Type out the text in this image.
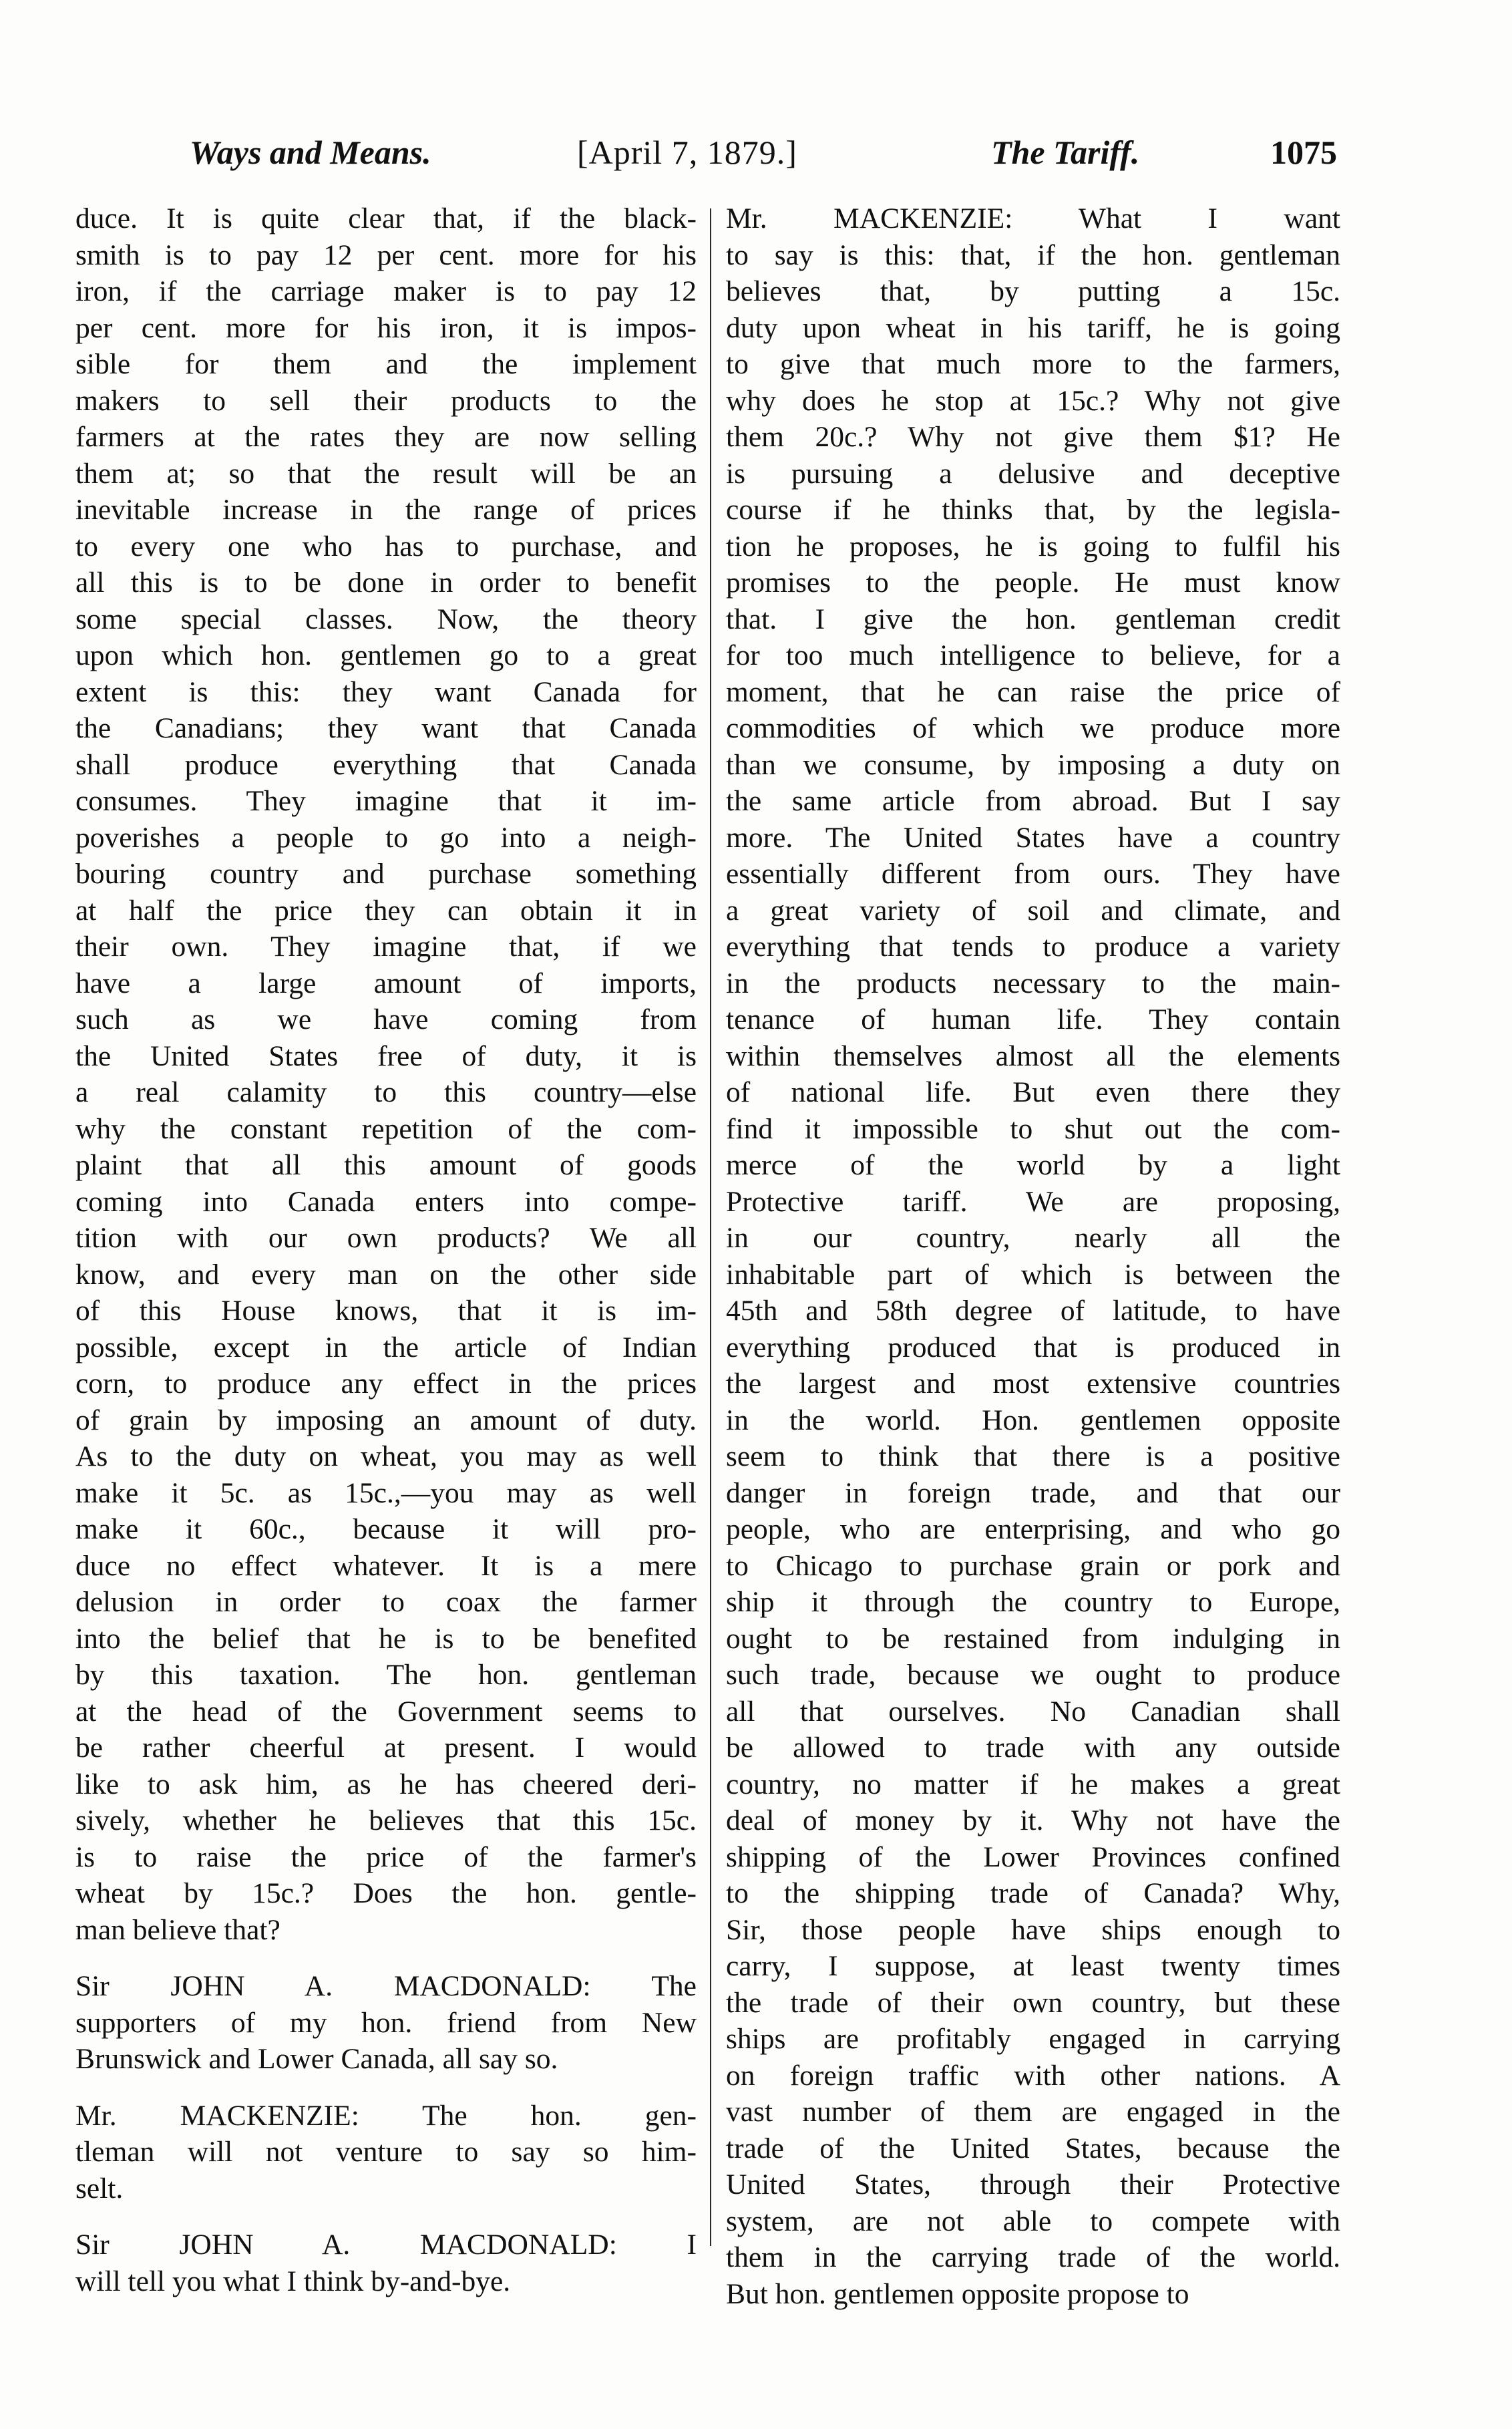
Ways and Means.	[April 7, 1879.]	The Tariff.	1075
duce. It is quite clear that, if the black-
smith is to pay 12 per cent. more for his
iron, if the carriage maker is to pay 12
per cent. more for his iron, it is impos-
sible for them and the implement
makers to sell their products to the
farmers at the rates they are now selling
them at; so that the result will be an
inevitable increase in the range of prices
to every one who has to purchase, and
all this is to be done in order to benefit
some special classes. Now, the theory
upon which hon. gentlemen go to a great
extent is this: they want Canada for
the Canadians; they want that Canada
shall produce everything that Canada
consumes. They imagine that it im-
poverishes a people to go into a neigh-
bouring country and purchase something
at half the price they can obtain it in
their own. They imagine that, if we
have a large amount of imports,
such as we have coming from
the United States free of duty, it is
a real calamity to this country—else
why the constant repetition of the com-
plaint that all this amount of goods
coming into Canada enters into compe-
tition with our own products? We all
know, and every man on the other side
of this House knows, that it is im-
possible, except in the article of Indian
corn, to produce any effect in the prices
of grain by imposing an amount of duty.
As to the duty on wheat, you may as well
make it 5c. as 15c.,—you may as well
make it 60c., because it will pro-
duce no effect whatever. It is a mere
delusion in order to coax the farmer
into the belief that he is to be benefited
by this taxation. The hon. gentleman
at the head of the Government seems to
be rather cheerful at present. I would
like to ask him, as he has cheered deri-
sively, whether he believes that this 15c.
is to raise the price of the farmer's
wheat by 15c.? Does the hon. gentle-
man believe that?
Sir JOHN A. MACDONALD: The
supporters of my hon. friend from New
Brunswick and Lower Canada, all say so.
Mr. MACKENZIE: The hon. gen-
tleman will not venture to say so him-
selt.
Sir JOHN A. MACDONALD: I
will tell you what I think by-and-bye.
Mr. MACKENZIE: What I want
to say is this: that, if the hon. gentleman
believes that, by putting a 15c.
duty upon wheat in his tariff, he is going
to give that much more to the farmers,
why does he stop at 15c.? Why not give
them 20c.? Why not give them $1? He
is pursuing a delusive and deceptive
course if he thinks that, by the legisla-
tion he proposes, he is going to fulfil his
promises to the people. He must know
that. I give the hon. gentleman credit
for too much intelligence to believe, for a
moment, that he can raise the price of
commodities of which we produce more
than we consume, by imposing a duty on
the same article from abroad. But I say
more. The United States have a country
essentially different from ours. They have
a great variety of soil and climate, and
everything that tends to produce a variety
in the products necessary to the main-
tenance of human life. They contain
within themselves almost all the elements
of national life. But even there they
find it impossible to shut out the com-
merce of the world by a light
Protective tariff. We are proposing,
in our country, nearly all the
inhabitable part of which is between the
45th and 58th degree of latitude, to have
everything produced that is produced in
the largest and most extensive countries
in the world. Hon. gentlemen opposite
seem to think that there is a positive
danger in foreign trade, and that our
people, who are enterprising, and who go
to Chicago to purchase grain or pork and
ship it through the country to Europe,
ought to be restained from indulging in
such trade, because we ought to produce
all that ourselves. No Canadian shall
be allowed to trade with any outside
country, no matter if he makes a great
deal of money by it. Why not have the
shipping of the Lower Provinces confined
to the shipping trade of Canada? Why,
Sir, those people have ships enough to
carry, I suppose, at least twenty times
the trade of their own country, but these
ships are profitably engaged in carrying
on foreign traffic with other nations. A
vast number of them are engaged in the
trade of the United States, because the
United States, through their Protective
system, are not able to compete with
them in the carrying trade of the world.
But hon. gentlemen opposite propose to
